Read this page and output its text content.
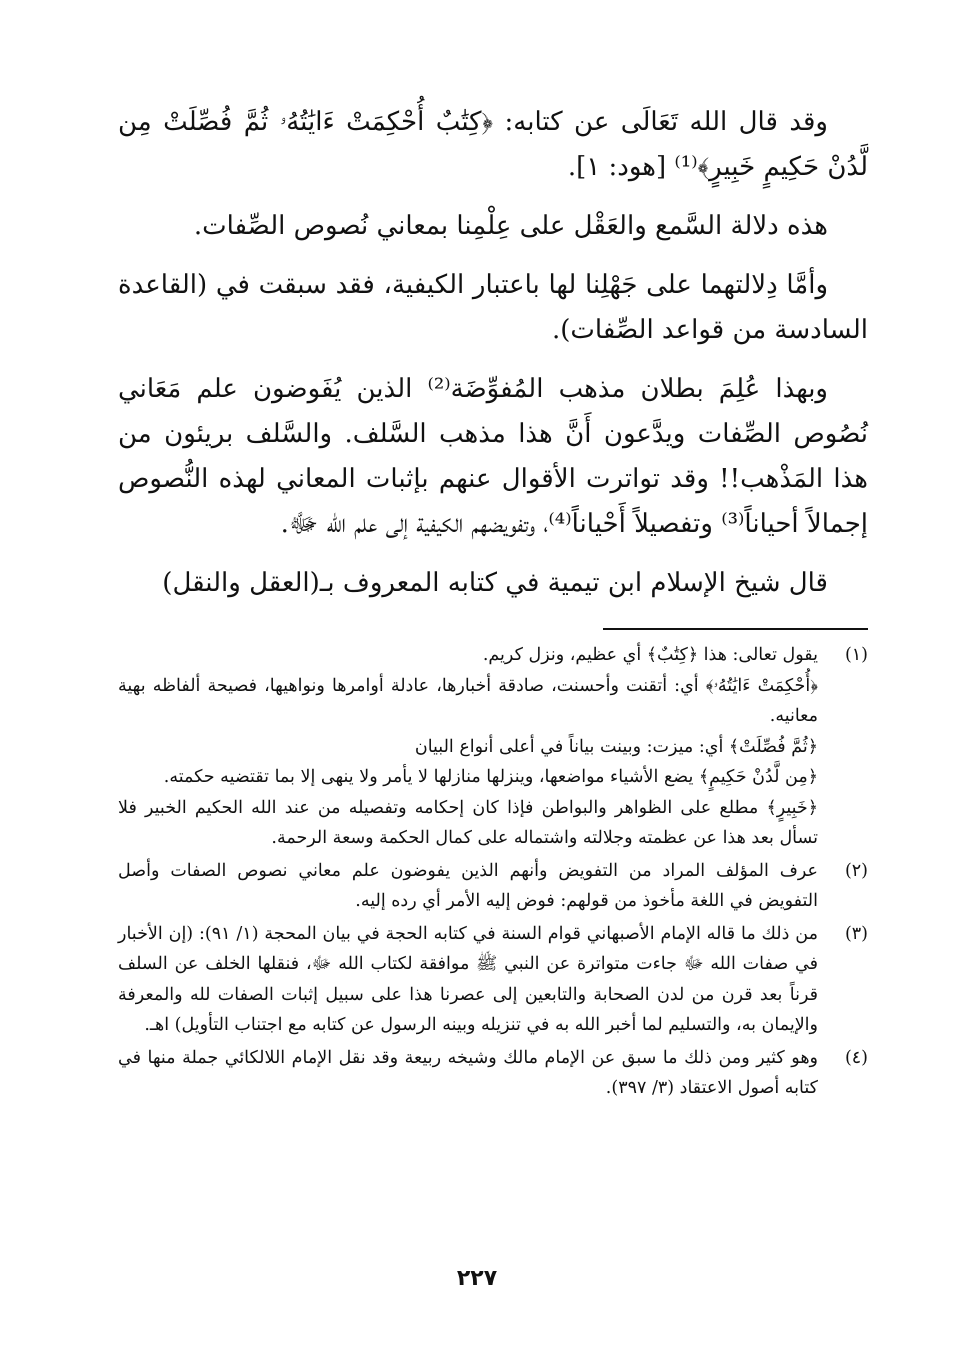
وقد قال الله تَعَالَى عن كتابه: ﴿كِتَٰبٌ أُحْكِمَتْ ءَايَٰتُهُۥ ثُمَّ فُصِّلَتْ مِن لَّدُنْ حَكِيمٍ خَبِيرٍ﴾⁽¹⁾ [هود: ١].

هذه دلالة السَّمع والعَقْل على عِلْمِنا بمعاني نُصوص الصِّفات.

وأمَّا دِلالتهما على جَهْلِنا لها باعتبار الكيفية، فقد سبقت في (القاعدة السادسة من قواعد الصِّفات).

وبهذا عُلِمَ بطلان مذهب المُفوِّضَة⁽²⁾ الذين يُفَوضون علم مَعَاني نُصُوص الصِّفات ويدَّعون أَنَّ هذا مذهب السَّلف. والسَّلف بريئون من هذا المَذْهب!! وقد تواترت الأقوال عنهم بإثبات المعاني لهذه النُّصوص إجمالاً أحياناً⁽³⁾ وتفصيلاً أَحْياناً⁽⁴⁾، وتفويضهم الكيفية إلى علم الله ﷻ.

قال شيخ الإسلام ابن تيمية في كتابه المعروف بـ(العقل والنقل)

(١)

يقول تعالى: هذا ﴿كِتَٰبٌ﴾ أي عظيم، ونزل كريم.

﴿أُحْكِمَتْ ءَايَٰتُهُۥ﴾ أي: أتقنت وأحسنت، صادقة أخبارها، عادلة أوامرها ونواهيها، فصيحة ألفاظه بهية معانيه.

﴿ثُمَّ فُصِّلَتْ﴾ أي: ميزت: وبينت بياناً في أعلى أنواع البيان

﴿مِن لَّدُنْ حَكِيمٍ﴾ يضع الأشياء مواضعها، وينزلها منازلها لا يأمر ولا ينهى إلا بما تقتضيه حكمته.

﴿خَبِيرٍ﴾ مطلع على الظواهر والبواطن فإذا كان إحكامه وتفصيله من عند الله الحكيم الخبير فلا تسأل بعد هذا عن عظمته وجلالته واشتماله على كمال الحكمة وسعة الرحمة.

(٢)

عرف المؤلف المراد من التفويض وأنهم الذين يفوضون علم معاني نصوص الصفات وأصل التفويض في اللغة مأخوذ من قولهم: فوض إليه الأمر أي رده إليه.

(٣)

من ذلك ما قاله الإمام الأصبهاني قوام السنة في كتابه الحجة في بيان المحجة (١/ ٩١): (إن الأخبار في صفات الله ﷻ جاءت متواترة عن النبي ﷺ موافقة لكتاب الله ﷻ، فنقلها الخلف عن السلف قرناً بعد قرن من لدن الصحابة والتابعين إلى عصرنا هذا على سبيل إثبات الصفات لله والمعرفة والإيمان به، والتسليم لما أخبر الله به في تنزيله وبينه الرسول عن كتابه مع اجتناب التأويل) اهـ.

(٤)

وهو كثير ومن ذلك ما سبق عن الإمام مالك وشيخه ربيعة وقد نقل الإمام اللالكائي جملة منها في كتابه أصول الاعتقاد (٣/ ٣٩٧).

٢٢٧
